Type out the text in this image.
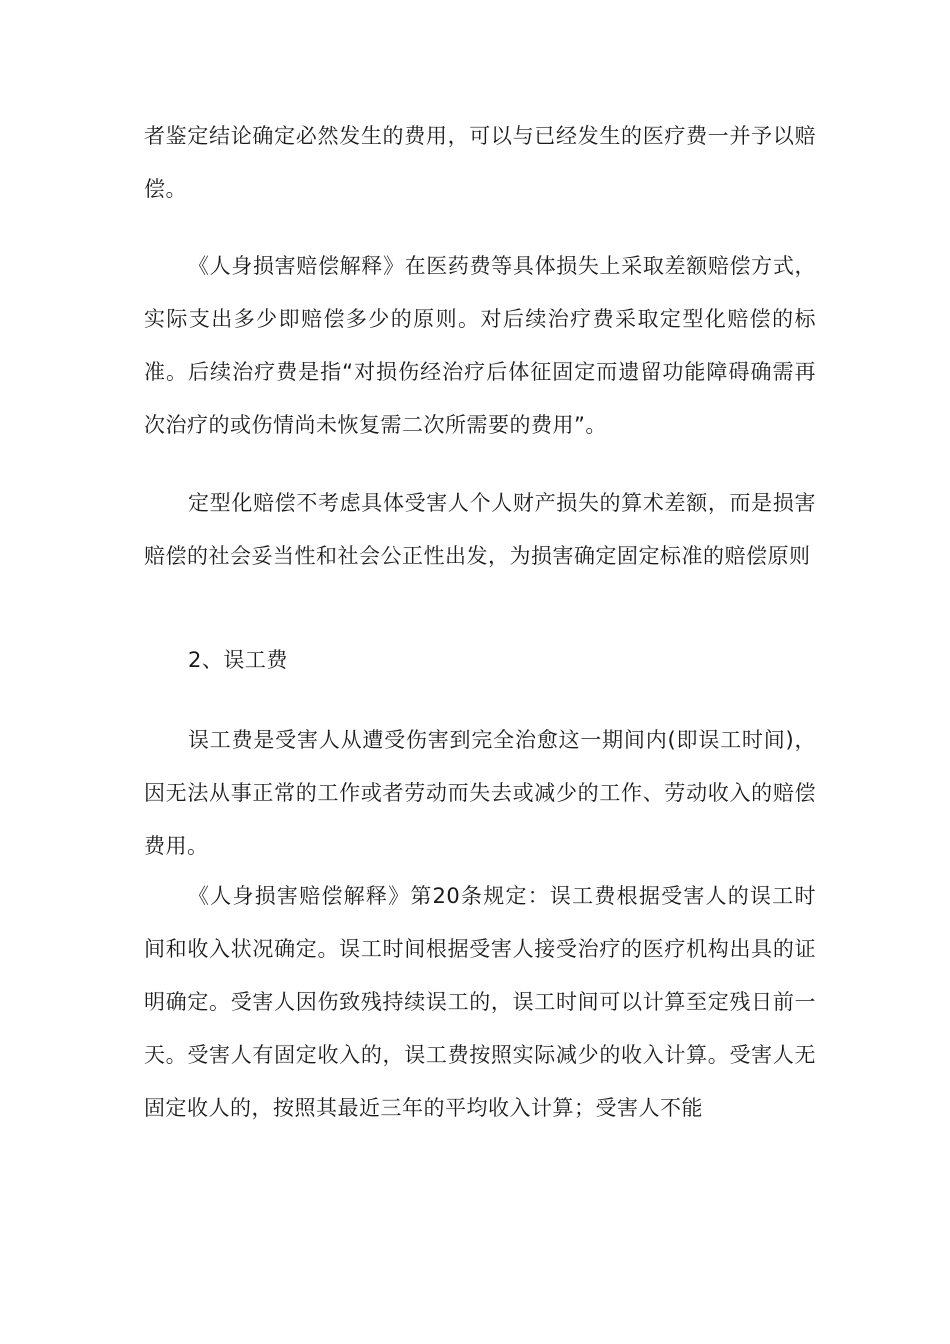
者鉴定结论确定必然发生的费用，可以与已经发生的医疗费一并予以赔偿。

《人身损害赔偿解释》在医药费等具体损失上采取差额赔偿方式，实际支出多少即赔偿多少的原则。对后续治疗费采取定型化赔偿的标准。后续治疗费是指“对损伤经治疗后体征固定而遗留功能障碍确需再次治疗的或伤情尚未恢复需二次所需要的费用”。

定型化赔偿不考虑具体受害人个人财产损失的算术差额，而是损害赔偿的社会妥当性和社会公正性出发，为损害确定固定标准的赔偿原则

2、误工费

误工费是受害人从遭受伤害到完全治愈这一期间内(即误工时间)，因无法从事正常的工作或者劳动而失去或减少的工作、劳动收入的赔偿费用。

《人身损害赔偿解释》第20条规定：误工费根据受害人的误工时间和收入状况确定。误工时间根据受害人接受治疗的医疗机构出具的证明确定。受害人因伤致残持续误工的，误工时间可以计算至定残日前一天。受害人有固定收入的，误工费按照实际减少的收入计算。受害人无固定收人的，按照其最近三年的平均收入计算；受害人不能
